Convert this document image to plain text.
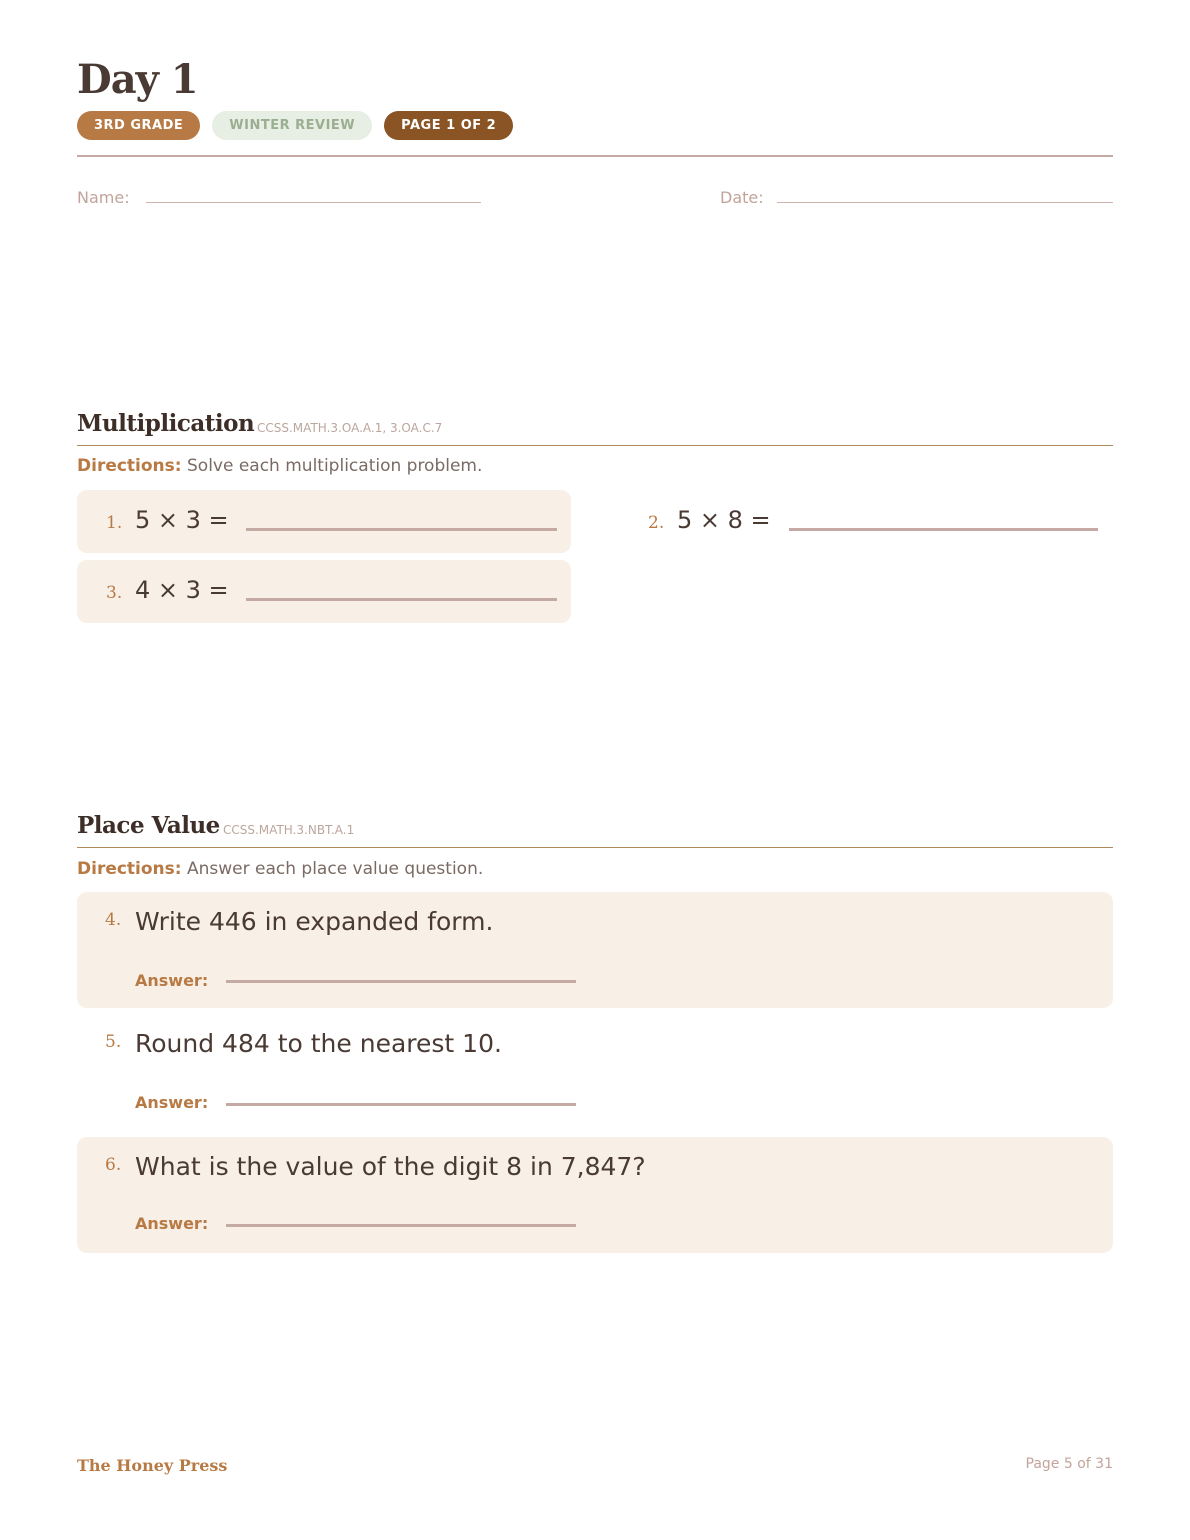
Day 1
3RD GRADE	WINTER REVIEW	PAGE 1 OF 2
Name:	Date:
Multiplication CCSS.MATH.3.OA.A.1, 3.OA.C.7
Directions: Solve each multiplication problem.
1. 5 × 3 =	2. 5 × 8 =
3. 4 × 3 =
Place Value CCSS.MATH.3.NBT.A.1
Directions: Answer each place value question.
4. Write 446 in expanded form.
Answer:
5. Round 484 to the nearest 10.
Answer:
6. What is the value of the digit 8 in 7,847?
Answer:
The Honey Press	Page 5 of 31
